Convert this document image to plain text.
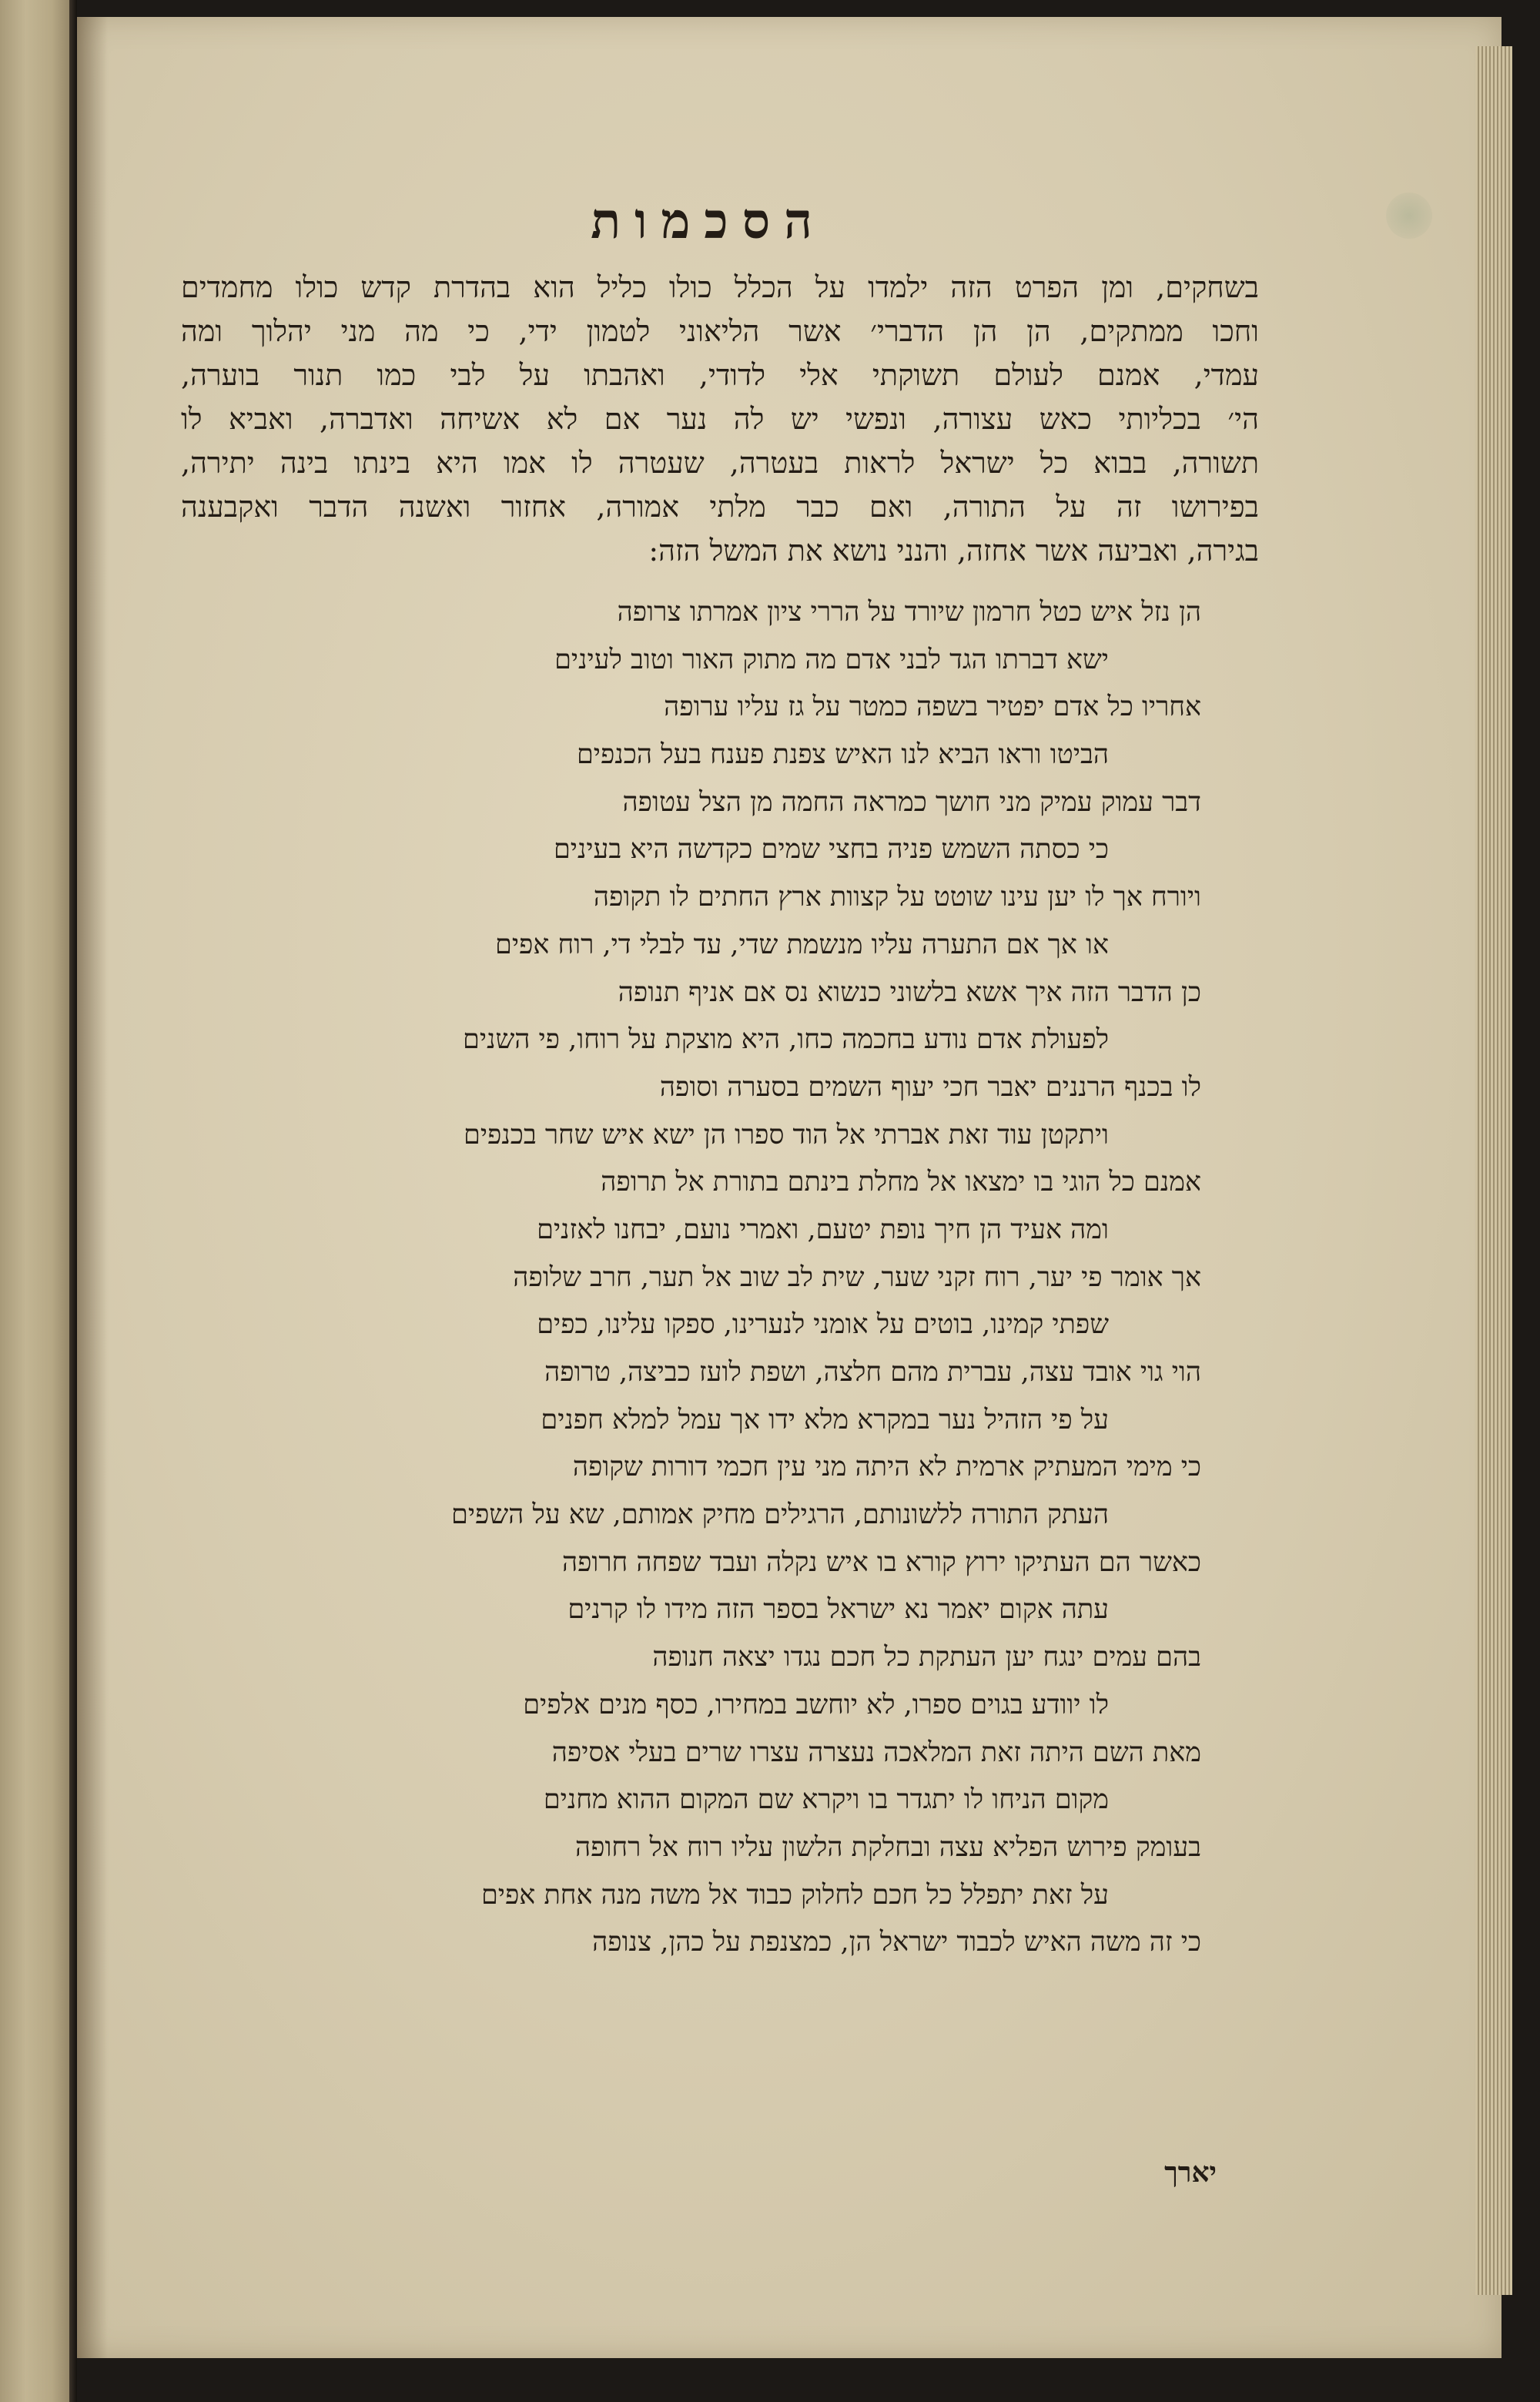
הסכמות
בשחקים, ומן הפרט הזה ילמדו על הכלל כולו כליל הוא בהדרת קדש כולו מחמדים
וחכו ממתקים, הן הן הדברי׳ אשר הליאוני לטמון ידי, כי מה מני יהלוך ומה
עמדי, אמנם לעולם תשוקתי אלי לדודי, ואהבתו על לבי כמו תנור בוערה,
הי׳ בכליותי כאש עצורה, ונפשי יש לה נער אם לא אשיחה ואדברה, ואביא לו
תשורה, בבוא כל ישראל לראות בעטרה, שעטרה לו אמו היא בינתו בינה יתירה,
בפירושו זה על התורה, ואם כבר מלתי אמורה, אחזור ואשנה הדבר ואקבענה
בגירה, ואביעה אשר אחזה, והנני נושא את המשל הזה:
הן נזל איש כטל חרמון שיורד על הררי ציון אמרתו צרופה
ישא דברתו הגד לבני אדם מה מתוק האור וטוב לעינים
אחריו כל אדם יפטיר בשפה כמטר על גז עליו ערופה
הביטו וראו הביא לנו האיש צפנת פענח בעל הכנפים
דבר עמוק עמיק מני חושך כמראה החמה מן הצל עטופה
כי כסתה השמש פניה בחצי שמים כקדשה היא בעינים
ויורח אך לו יען עינו שוטט על קצוות ארץ החתים לו תקופה
או אך אם התערה עליו מנשמת שדי, עד לבלי די, רוח אפים
כן הדבר הזה איך אשא בלשוני כנשוא נס אם אניף תנופה
לפעולת אדם נודע בחכמה כחו, היא מוצקת על רוחו, פי השנים
לו בכנף הרננים יאבר חכי יעוף השמים בסערה וסופה
ויתקטן עוד זאת אברתי אל הוד ספרו הן ישא איש שחר בכנפים
אמנם כל הוגי בו ימצאו אל מחלת בינתם בתורת אל תרופה
ומה אעיד הן חיך נופת יטעם, ואמרי נועם, יבחנו לאזנים
אך אומר פי יער, רוח זקני שער, שית לב שוב אל תער, חרב שלופה
שפתי קמינו, בוטים על אומני לנערינו, ספקו עלינו, כפים
הוי גוי אובד עצה, עברית מהם חלצה, ושפת לועז כביצה, טרופה
על פי הזהיל נער במקרא מלא ידו אך עמל למלא חפנים
כי מימי המעתיק ארמית לא היתה מני עין חכמי דורות שקופה
העתק התורה ללשונותם, הרגילים מחיק אמותם, שא על השפים
כאשר הם העתיקו ירוץ קורא בו איש נקלה ועבד שפחה חרופה
עתה אקום יאמר נא ישראל בספר הזה מידו לו קרנים
בהם עמים ינגח יען העתקת כל חכם נגדו יצאה חנופה
לו יוודע בגוים ספרו, לא יוחשב במחירו, כסף מנים אלפים
מאת השם היתה זאת המלאכה נעצרה עצרו שרים בעלי אסיפה
מקום הניחו לו יתגדר בו ויקרא שם המקום ההוא מחנים
בעומק פירוש הפליא עצה ובחלקת הלשון עליו רוח אל רחופה
על זאת יתפלל כל חכם לחלוק כבוד אל משה מנה אחת אפים
כי זה משה האיש לכבוד ישראל הן, כמצנפת על כהן, צנופה
יארך
